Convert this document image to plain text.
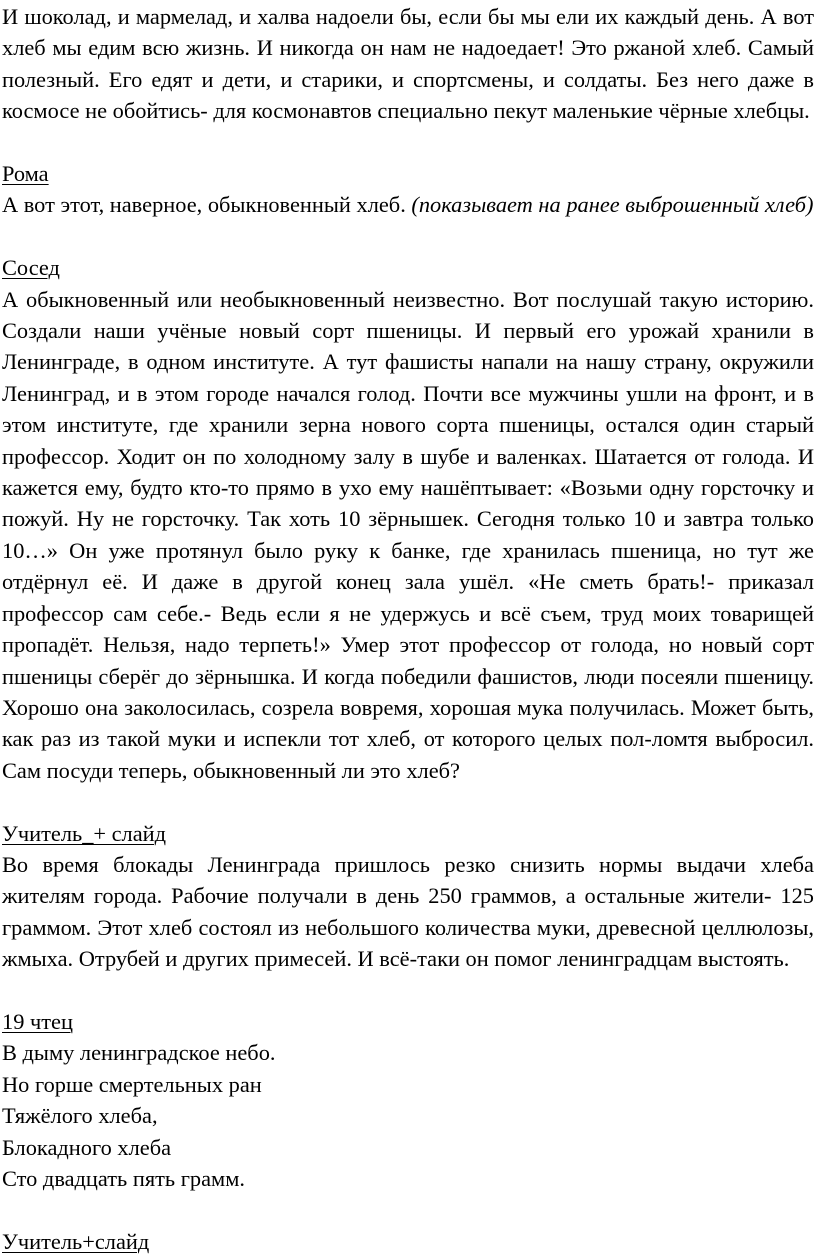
И шоколад, и мармелад, и халва надоели бы, если бы мы ели их каждый день. А вот хлеб мы едим всю жизнь. И никогда он нам не надоедает! Это ржаной хлеб. Самый полезный. Его едят и дети, и старики, и спортсмены, и солдаты. Без него даже в космосе не обойтись- для космонавтов специально пекут маленькие чёрные хлебцы.

Рома

А вот этот, наверное, обыкновенный хлеб. (показывает на ранее выброшенный хлеб)

Сосед

А обыкновенный или необыкновенный неизвестно. Вот послушай такую историю. Создали наши учёные новый сорт пшеницы. И первый его урожай хранили в Ленинграде, в одном институте. А тут фашисты напали на нашу страну, окружили Ленинград, и в этом городе начался голод. Почти все мужчины ушли на фронт, и в этом институте, где хранили зерна нового сорта пшеницы, остался один старый профессор. Ходит он по холодному залу в шубе и валенках. Шатается от голода. И кажется ему, будто кто-то прямо в ухо ему нашёптывает: «Возьми одну горсточку и пожуй. Ну не горсточку. Так хоть 10 зёрнышек. Сегодня только 10 и завтра только 10…» Он уже протянул было руку к банке, где хранилась пшеница, но тут же отдёрнул её. И даже в другой конец зала ушёл. «Не сметь брать!- приказал профессор сам себе.- Ведь если я не удержусь и всё съем, труд моих товарищей пропадёт. Нельзя, надо терпеть!» Умер этот профессор от голода, но новый сорт пшеницы сберёг до зёрнышка. И когда победили фашистов, люди посеяли пшеницу. Хорошо она заколосилась, созрела вовремя, хорошая мука получилась. Может быть, как раз из такой муки и испекли тот хлеб, от которого целых пол-ломтя выбросил. Сам посуди теперь, обыкновенный ли это хлеб?

Учитель_+ слайд

Во время блокады Ленинграда пришлось резко снизить нормы выдачи хлеба жителям города. Рабочие получали в день 250 граммов, а остальные жители- 125 граммом. Этот хлеб состоял из небольшого количества муки, древесной целлюлозы, жмыха. Отрубей и других примесей. И всё-таки он помог ленинградцам выстоять.

19 чтец

В дыму ленинградское небо.
Но горше смертельных ран
Тяжёлого хлеба,
Блокадного хлеба
Сто двадцать пять грамм.

Учитель+слайд
